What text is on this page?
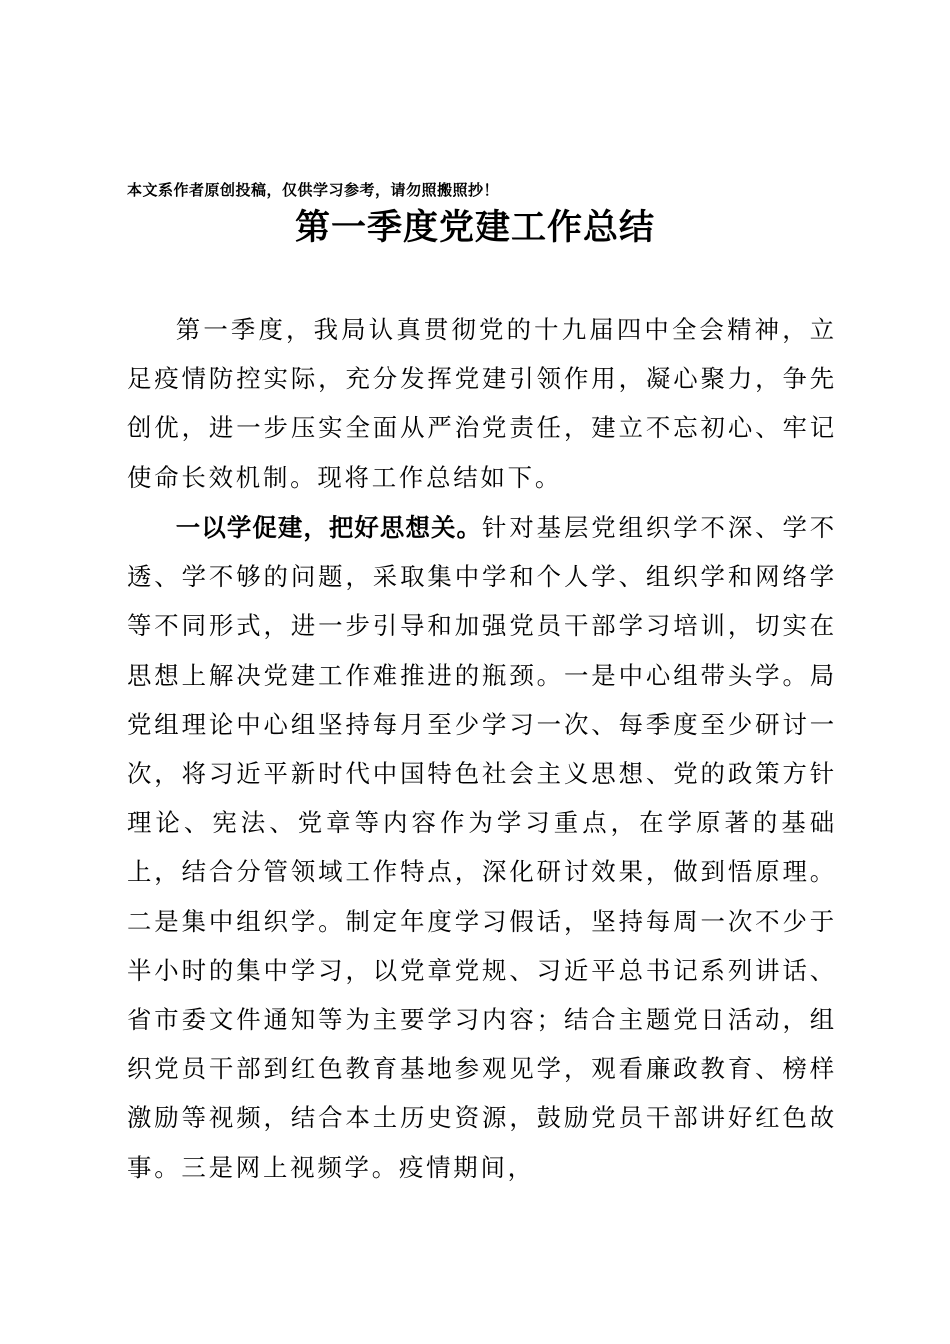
本文系作者原创投稿，仅供学习参考，请勿照搬照抄！
第一季度党建工作总结

第一季度，我局认真贯彻党的十九届四中全会精神，立足疫情防控实际，充分发挥党建引领作用，凝心聚力，争先创优，进一步压实全面从严治党责任，建立不忘初心、牢记使命长效机制。现将工作总结如下。

一以学促建，把好思想关。针对基层党组织学不深、学不透、学不够的问题，采取集中学和个人学、组织学和网络学等不同形式，进一步引导和加强党员干部学习培训，切实在思想上解决党建工作难推进的瓶颈。一是中心组带头学。局党组理论中心组坚持每月至少学习一次、每季度至少研讨一次，将习近平新时代中国特色社会主义思想、党的政策方针理论、宪法、党章等内容作为学习重点，在学原著的基础上，结合分管领域工作特点，深化研讨效果，做到悟原理。二是集中组织学。制定年度学习假话，坚持每周一次不少于半小时的集中学习，以党章党规、习近平总书记系列讲话、省市委文件通知等为主要学习内容；结合主题党日活动，组织党员干部到红色教育基地参观见学，观看廉政教育、榜样激励等视频，结合本土历史资源，鼓励党员干部讲好红色故事。三是网上视频学。疫情期间，
